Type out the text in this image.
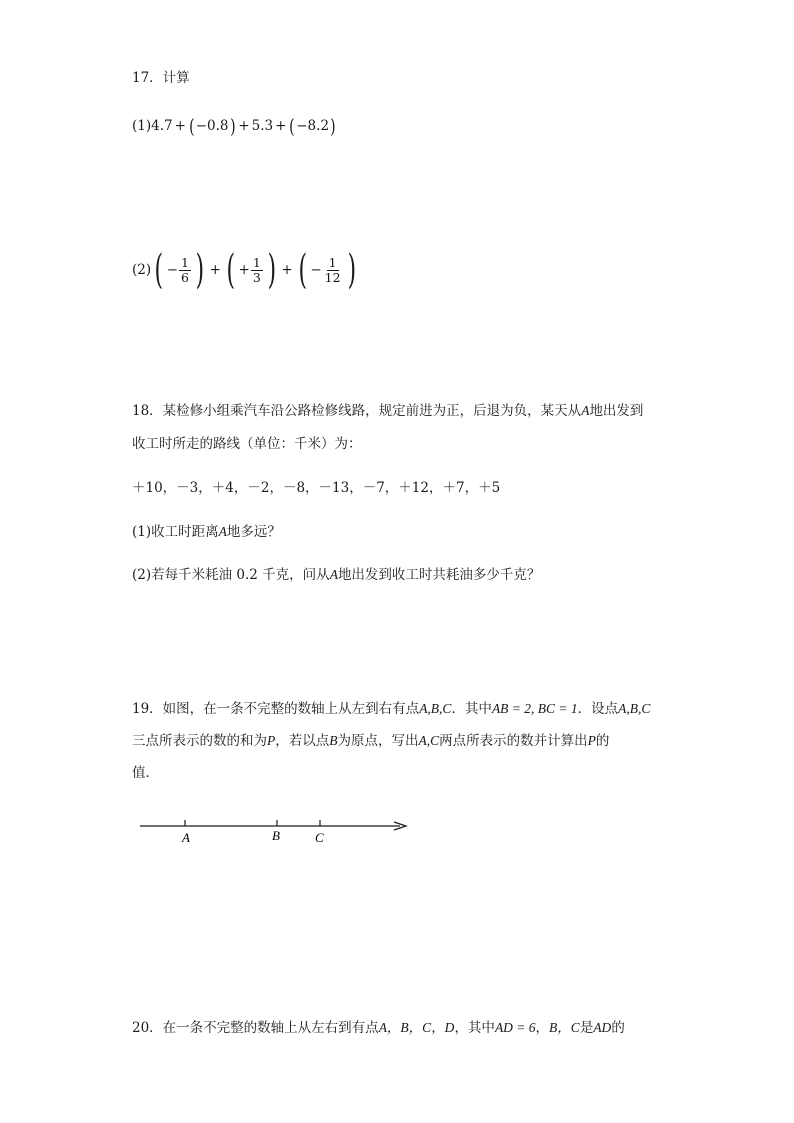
17．计算
(1) 4.7 + ( −0.8 ) + 5.3 + ( −8.2 )
(2) ( − $\frac{1}{6}$ ) + ( + $\frac{1}{3}$ ) + ( − $\frac{1}{12}$ )
18．某检修小组乘汽车沿公路检修线路，规定前进为正，后退为负，某天从A地出发到
收工时所走的路线（单位：千米）为：
＋10，－3，＋4，－2，－8，－13，－7，＋12，＋7，＋5
(1)收工时距离A地多远？
(2)若每千米耗油 0.2 千克，问从A地出发到收工时共耗油多少千克？
19．如图，在一条不完整的数轴上从左到右有点A,B,C．其中AB = 2, BC = 1．设点A,B,C
三点所表示的数的和为P，若以点B为原点，写出A,C两点所表示的数并计算出P的
值．
A	B	C
20．在一条不完整的数轴上从左右到有点A，B，C，D，其中AD = 6，B，C是AD的
